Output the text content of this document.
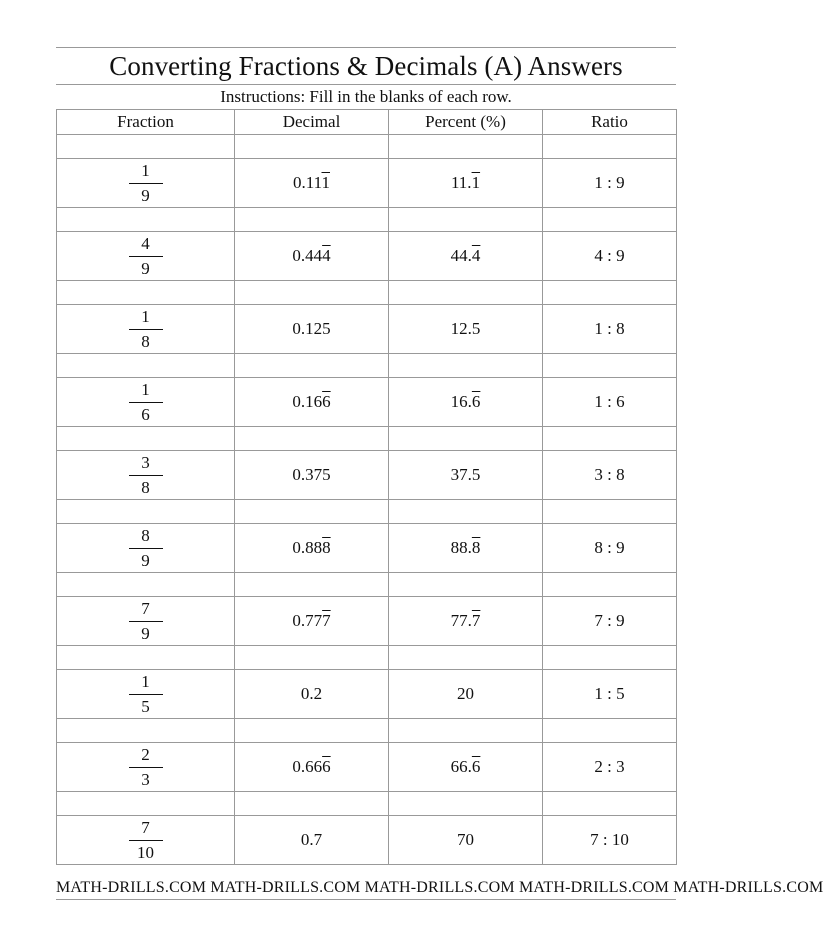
Converting Fractions & Decimals (A) Answers
Instructions: Fill in the blanks of each row.
Fraction	Decimal	Percent (%)	Ratio

$\frac{1}{9}$	0.111	11.1	1 : 9

$\frac{4}{9}$	0.444	44.4	4 : 9

$\frac{1}{8}$	0.125	12.5	1 : 8

$\frac{1}{6}$	0.166	16.6	1 : 6

$\frac{3}{8}$	0.375	37.5	3 : 8

$\frac{8}{9}$	0.888	88.8	8 : 9

$\frac{7}{9}$	0.777	77.7	7 : 9

$\frac{1}{5}$	0.2	20	1 : 5

$\frac{2}{3}$	0.666	66.6	2 : 3

$\frac{7}{10}$	0.7	70	7 : 10
MATH-DRILLS.COM MATH-DRILLS.COM MATH-DRILLS.COM MATH-DRILLS.COM MATH-DRILLS.COM
